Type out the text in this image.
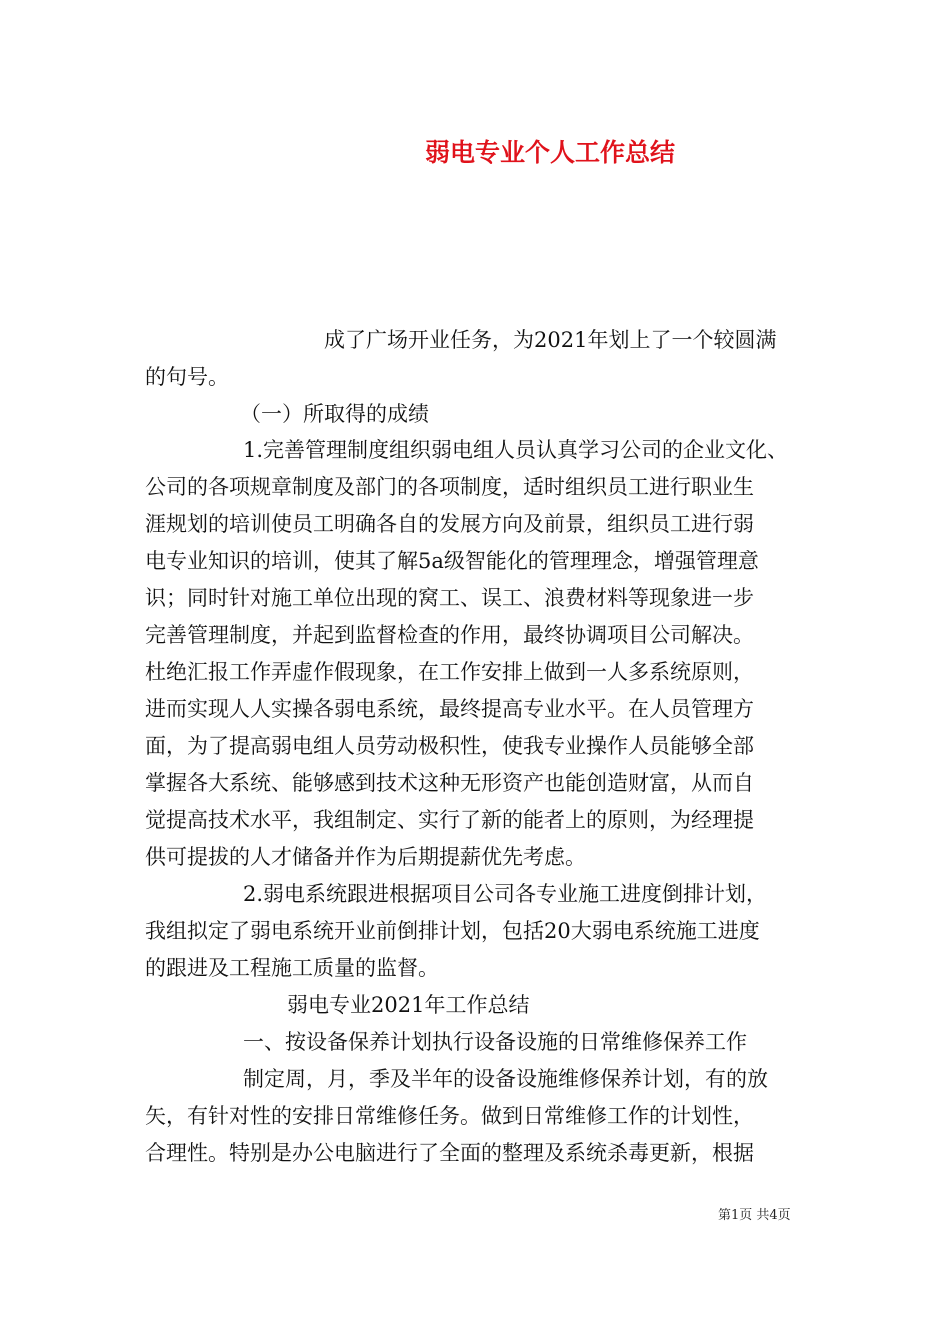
弱电专业个人工作总结
成了广场开业任务，为2021年划上了一个较圆满
的句号。
（一）所取得的成绩
1.完善管理制度组织弱电组人员认真学习公司的企业文化、
公司的各项规章制度及部门的各项制度，适时组织员工进行职业生
涯规划的培训使员工明确各自的发展方向及前景，组织员工进行弱
电专业知识的培训，使其了解5a级智能化的管理理念，增强管理意
识；同时针对施工单位出现的窝工、误工、浪费材料等现象进一步
完善管理制度，并起到监督检查的作用，最终协调项目公司解决。
杜绝汇报工作弄虚作假现象，在工作安排上做到一人多系统原则，
进而实现人人实操各弱电系统，最终提高专业水平。在人员管理方
面，为了提高弱电组人员劳动极积性，使我专业操作人员能够全部
掌握各大系统、能够感到技术这种无形资产也能创造财富，从而自
觉提高技术水平，我组制定、实行了新的能者上的原则，为经理提
供可提拔的人才储备并作为后期提薪优先考虑。
2.弱电系统跟进根据项目公司各专业施工进度倒排计划，
我组拟定了弱电系统开业前倒排计划，包括20大弱电系统施工进度
的跟进及工程施工质量的监督。
弱电专业2021年工作总结
一、按设备保养计划执行设备设施的日常维修保养工作
制定周，月，季及半年的设备设施维修保养计划，有的放
矢，有针对性的安排日常维修任务。做到日常维修工作的计划性，
合理性。特别是办公电脑进行了全面的整理及系统杀毒更新，根据
第1页 共4页
